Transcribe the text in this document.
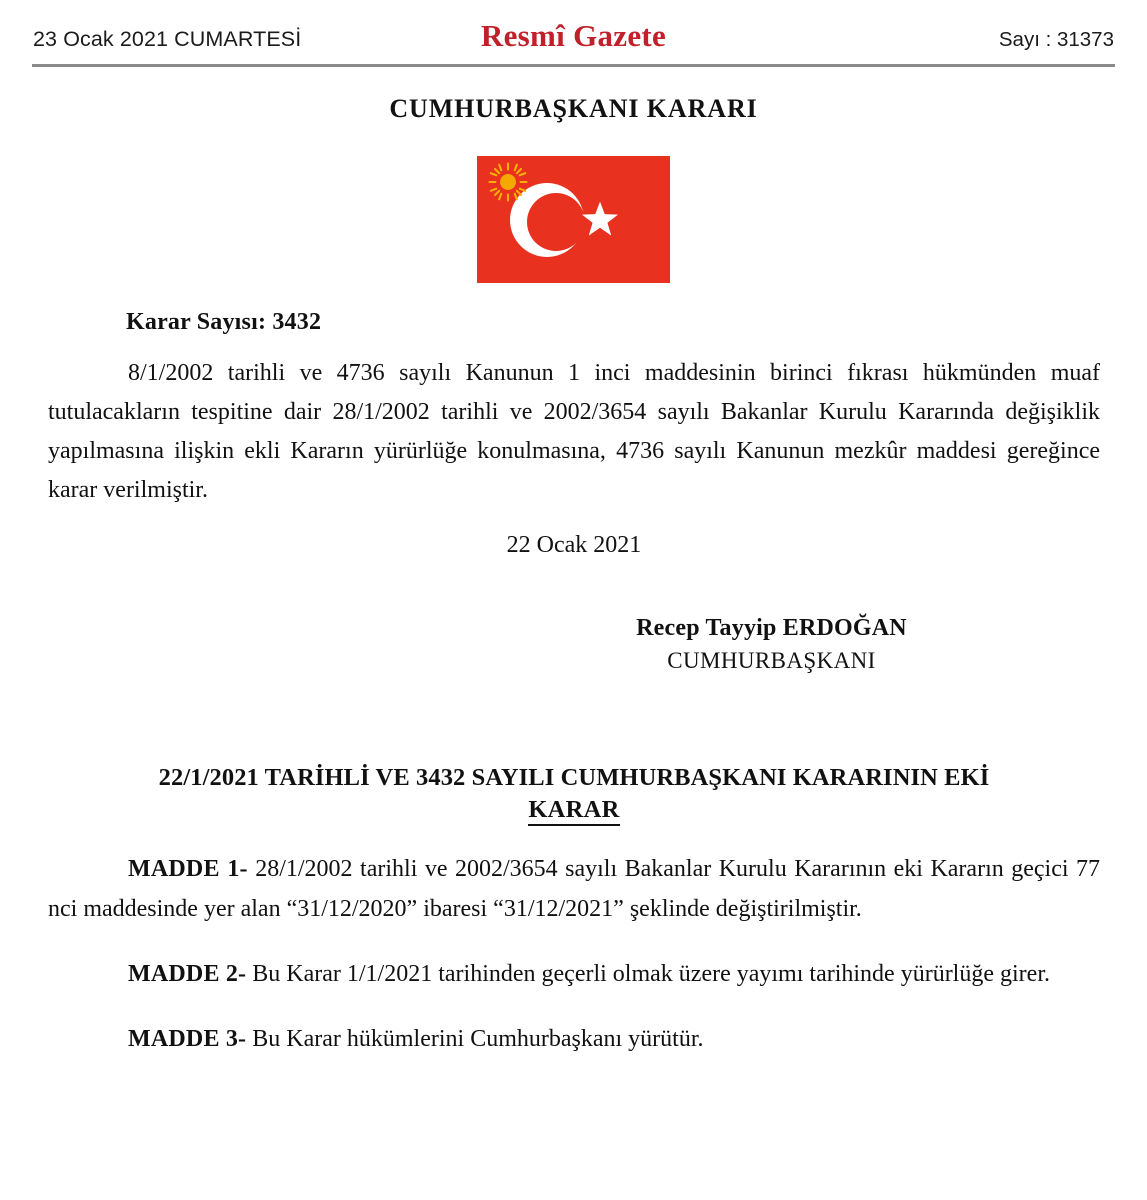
23 Ocak 2021 CUMARTESİ	Resmî Gazete	Sayı : 31373
CUMHURBAŞKANI KARARI
Karar Sayısı: 3432

8/1/2002 tarihli ve 4736 sayılı Kanunun 1 inci maddesinin birinci fıkrası hükmünden muaf tutulacakların tespitine dair 28/1/2002 tarihli ve 2002/3654 sayılı Bakanlar Kurulu Kararında değişiklik yapılmasına ilişkin ekli Kararın yürürlüğe konulmasına, 4736 sayılı Kanunun mezkûr maddesi gereğince karar verilmiştir.

22 Ocak 2021
Recep Tayyip ERDOĞAN
CUMHURBAŞKANI
22/1/2021 TARİHLİ VE 3432 SAYILI CUMHURBAŞKANI KARARININ EKİ
KARAR

MADDE 1- 28/1/2002 tarihli ve 2002/3654 sayılı Bakanlar Kurulu Kararının eki Kararın geçici 77 nci maddesinde yer alan “31/12/2020” ibaresi “31/12/2021” şeklinde değiştirilmiştir.

MADDE 2- Bu Karar 1/1/2021 tarihinden geçerli olmak üzere yayımı tarihinde yürürlüğe girer.

MADDE 3- Bu Karar hükümlerini Cumhurbaşkanı yürütür.
